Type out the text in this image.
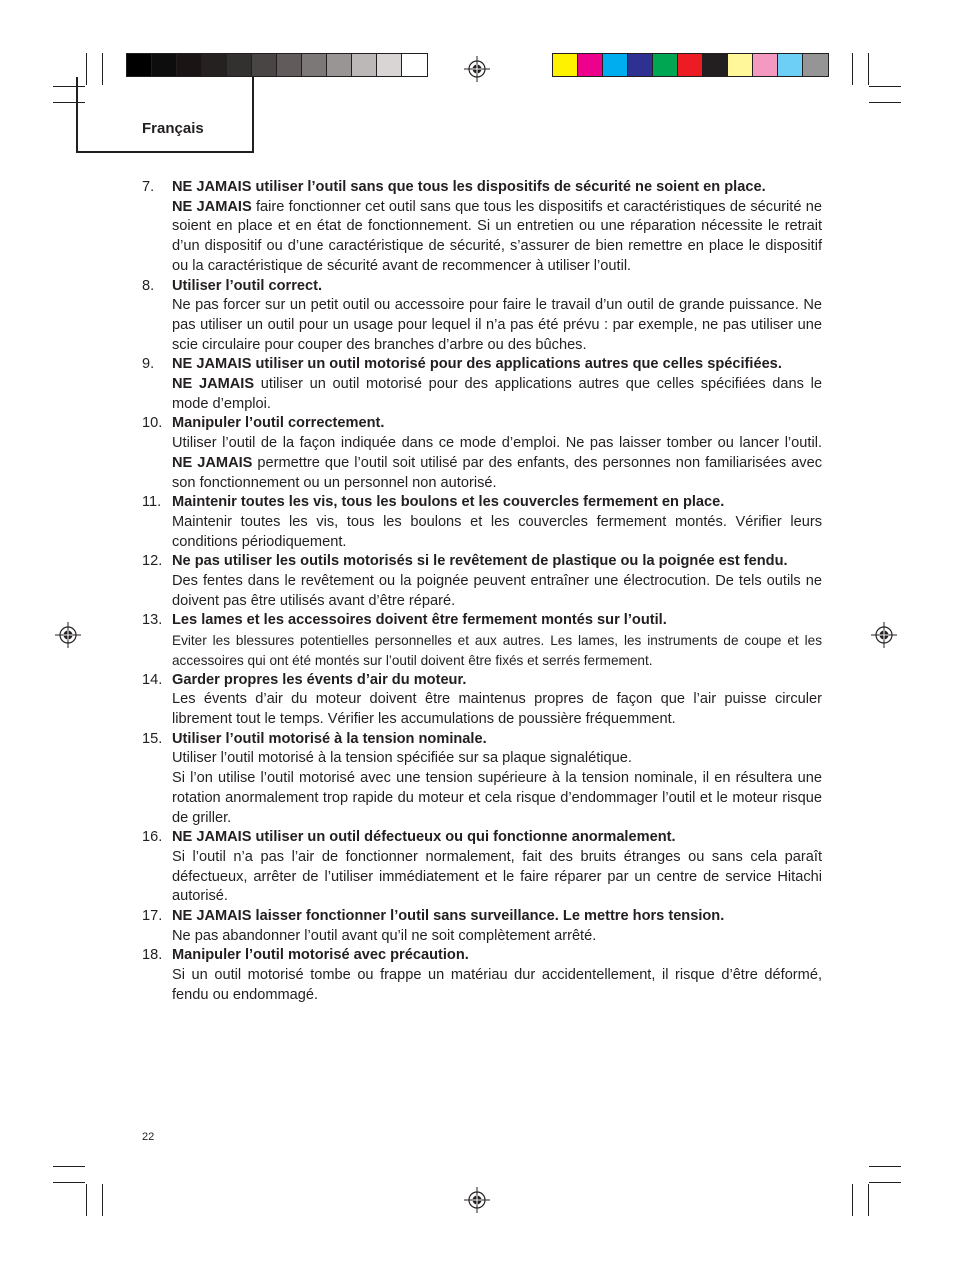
Français
7. NE JAMAIS utiliser l’outil sans que tous les dispositifs de sécurité ne soient en place.
NE JAMAIS faire fonctionner cet outil sans que tous les dispositifs et caractéristiques de sécurité ne soient en place et en état de fonctionnement. Si un entretien ou une réparation nécessite le retrait d’un dispositif ou d’une caractéristique de sécurité, s’assurer de bien remettre en place le dispositif ou la caractéristique de sécurité avant de recommencer à utiliser l’outil.
8. Utiliser l’outil correct.
Ne pas forcer sur un petit outil ou accessoire pour faire le travail d’un outil de grande puissance. Ne pas utiliser un outil pour un usage pour lequel il n’a pas été prévu : par exemple, ne pas utiliser une scie circulaire pour couper des branches d’arbre ou des bûches.
9. NE JAMAIS utiliser un outil motorisé pour des applications autres que celles spécifiées.
NE JAMAIS utiliser un outil motorisé pour des applications autres que celles spécifiées dans le mode d’emploi.
10. Manipuler l’outil correctement.
Utiliser l’outil de la façon indiquée dans ce mode d’emploi. Ne pas laisser tomber ou lancer l’outil. NE JAMAIS permettre que l’outil soit utilisé par des enfants, des personnes non familiarisées avec son fonctionnement ou un personnel non autorisé.
11. Maintenir toutes les vis, tous les boulons et les couvercles fermement en place.
Maintenir toutes les vis, tous les boulons et les couvercles fermement montés. Vérifier leurs conditions périodiquement.
12. Ne pas utiliser les outils motorisés si le revêtement de plastique ou la poignée est fendu.
Des fentes dans le revêtement ou la poignée peuvent entraîner une électrocution. De tels outils ne doivent pas être utilisés avant d’être réparé.
13. Les lames et les accessoires doivent être fermement montés sur l’outil.
Eviter les blessures potentielles personnelles et aux autres. Les lames, les instruments de coupe et les accessoires qui ont été montés sur l’outil doivent être fixés et serrés fermement.
14. Garder propres les évents d’air du moteur.
Les évents d’air du moteur doivent être maintenus propres de façon que l’air puisse circuler librement tout le temps. Vérifier les accumulations de poussière fréquemment.
15. Utiliser l’outil motorisé à la tension nominale.
Utiliser l’outil motorisé à la tension spécifiée sur sa plaque signalétique.
Si l’on utilise l’outil motorisé avec une tension supérieure à la tension nominale, il en résultera une rotation anormalement trop rapide du moteur et cela risque d’endommager l’outil et le moteur risque de griller.
16. NE JAMAIS utiliser un outil défectueux ou qui fonctionne anormalement.
Si l’outil n’a pas l’air de fonctionner normalement, fait des bruits étranges ou sans cela paraît défectueux, arrêter de l’utiliser immédiatement et le faire réparer par un centre de service Hitachi autorisé.
17. NE JAMAIS laisser fonctionner l’outil sans surveillance. Le mettre hors tension.
Ne pas abandonner l’outil avant qu’il ne soit complètement arrêté.
18. Manipuler l’outil motorisé avec précaution.
Si un outil motorisé tombe ou frappe un matériau dur accidentellement, il risque d’être déformé, fendu ou endommagé.
22
